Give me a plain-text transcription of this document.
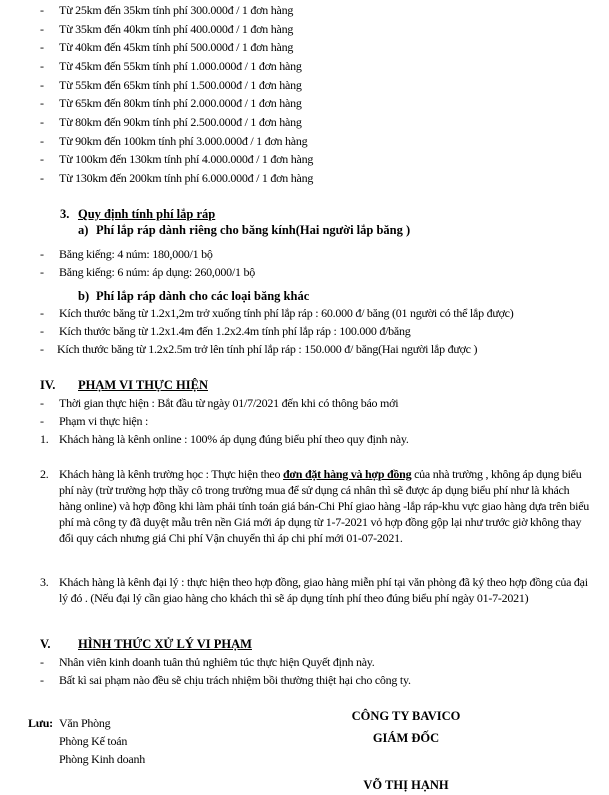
- Từ 25km đến 35km tính phí 300.000đ / 1 đơn hàng
- Từ 35km đến 40km tính phí 400.000đ / 1 đơn hàng
- Từ 40km đến 45km tính phí 500.000đ / 1 đơn hàng
- Từ 45km đến 55km tính phí 1.000.000đ / 1 đơn hàng
- Từ 55km đến 65km tính phí 1.500.000đ / 1 đơn hàng
- Từ 65km đến 80km tính phí 2.000.000đ / 1 đơn hàng
- Từ 80km đến 90km tính phí 2.500.000đ / 1 đơn hàng
- Từ 90km đến 100km tính phí 3.000.000đ / 1 đơn hàng
- Từ 100km đến 130km tính phí 4.000.000đ / 1 đơn hàng
- Từ 130km đến 200km tính phí 6.000.000đ / 1 đơn hàng
3. Quy định tính phí lắp ráp
a) Phí lắp ráp dành riêng cho băng kính(Hai người lắp băng )
- Băng kiếng: 4 núm: 180,000/1 bộ
- Băng kiếng: 6 núm: áp dụng: 260,000/1 bộ
b) Phí lắp ráp dành cho các loại băng khác
- Kích thước băng từ 1.2x1,2m trở xuống tính phí lắp ráp : 60.000 đ/ băng (01 người có thể lắp được)
- Kích thước băng từ 1.2x1.4m đến 1.2x2.4m tính phí lắp ráp : 100.000 đ/băng
- Kích thước băng từ 1.2x2.5m trở lên tính phí lắp ráp : 150.000 đ/ băng(Hai người lắp được )
IV. PHẠM VI THỰC HIỆN
- Thời gian thực hiện : Bắt đầu từ ngày 01/7/2021 đến khi có thông báo mới
- Phạm vi thực hiện :
1. Khách hàng là kênh online : 100% áp dụng đúng biểu phí theo quy định này.
2. Khách hàng là kênh trường học : Thực hiện theo đơn đặt hàng và hợp đồng của nhà trường , không áp dụng biểu phí này (trừ trường hợp thầy cô trong trường mua để sử dụng cá nhân thì sẽ được áp dụng biểu phí như là khách hàng online) và hợp đồng khi làm phải tính toán giá bán-Chi Phí giao hàng -lắp ráp-khu vực giao hàng dựa trên biểu phí mà công ty đã duyệt mẫu trên nền Giá mới áp dụng từ 1-7-2021 vỏ hợp đồng gộp lại như trước giờ không thay đổi quy cách nhưng giá Chi phí Vận chuyển thì áp chi phí mới 01-07-2021.
3. Khách hàng là kênh đại lý : thực hiện theo hợp đồng, giao hàng miễn phí tại văn phòng đã ký theo hợp đồng của đại lý đó . (Nếu đại lý cần giao hàng cho khách thì sẽ áp dụng tính phí theo đúng biểu phí ngày 01-7-2021)
V. HÌNH THỨC XỬ LÝ VI PHẠM
- Nhân viên kinh doanh tuân thủ nghiêm túc thực hiện Quyết định này.
- Bất kì sai phạm nào đều sẽ chịu trách nhiệm bồi thường thiệt hại cho công ty.
Lưu: Văn Phòng
Phòng Kế toán
Phòng Kinh doanh
CÔNG TY BAVICO
GIÁM ĐỐC
VÕ THỊ HẠNH
